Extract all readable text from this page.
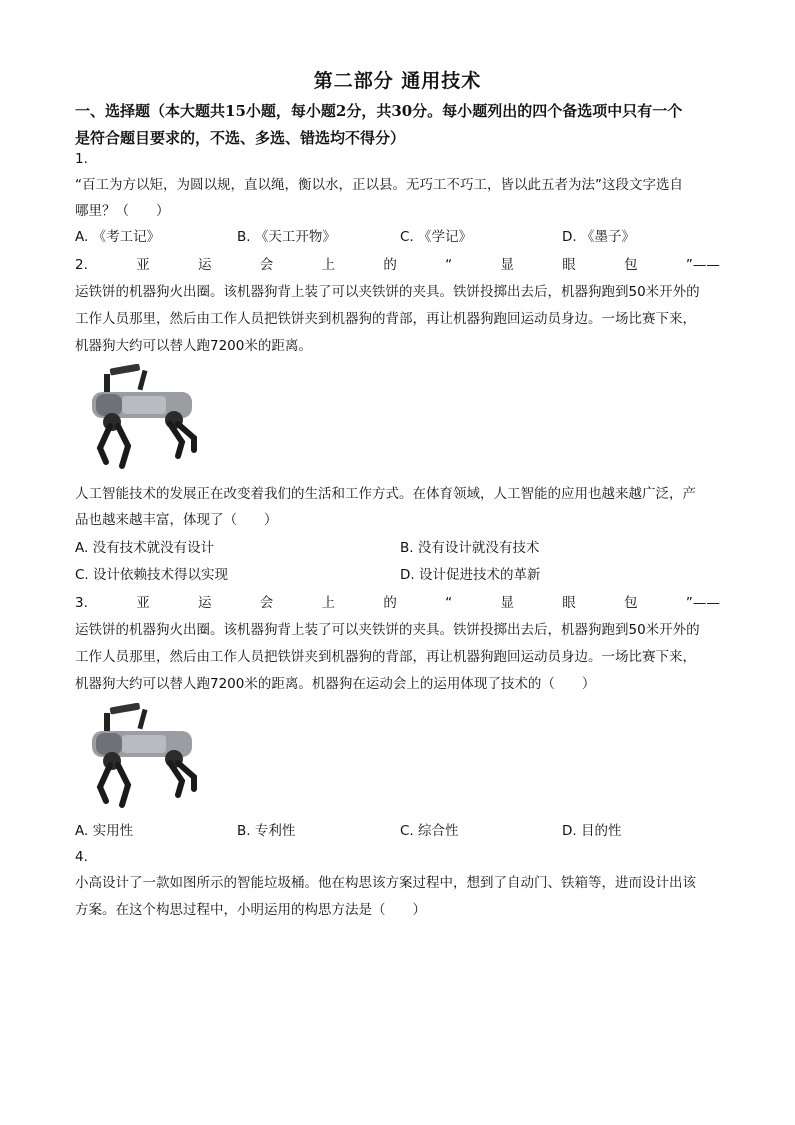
第二部分 通用技术
一、选择题（本大题共15小题，每小题2分，共30分。每小题列出的四个备选项中只有一个
是符合题目要求的，不选、多选、错选均不得分）
1.
“百工为方以矩，为圆以规，直以绳，衡以水，正以县。无巧工不巧工，皆以此五者为法”这段文字选自
哪里？（　　）
A. 《考工记》	B. 《天工开物》	C. 《学记》	D. 《墨子》
2.	亚	运	会	上	的	“	显	眼	包	”——
运铁饼的机器狗火出圈。该机器狗背上装了可以夹铁饼的夹具。铁饼投掷出去后，机器狗跑到50米开外的
工作人员那里，然后由工作人员把铁饼夹到机器狗的背部，再让机器狗跑回运动员身边。一场比赛下来，
机器狗大约可以替人跑7200米的距离。
人工智能技术的发展正在改变着我们的生活和工作方式。在体育领域，人工智能的应用也越来越广泛，产
品也越来越丰富，体现了（　　）
A. 没有技术就没有设计	B. 没有设计就没有技术
C. 设计依赖技术得以实现	D. 设计促进技术的革新
3.	亚	运	会	上	的	“	显	眼	包	”——
运铁饼的机器狗火出圈。该机器狗背上装了可以夹铁饼的夹具。铁饼投掷出去后，机器狗跑到50米开外的
工作人员那里，然后由工作人员把铁饼夹到机器狗的背部，再让机器狗跑回运动员身边。一场比赛下来，
机器狗大约可以替人跑7200米的距离。机器狗在运动会上的运用体现了技术的（　　）
A. 实用性	B. 专利性	C. 综合性	D. 目的性
4.
小高设计了一款如图所示的智能垃圾桶。他在构思该方案过程中，想到了自动门、铁箱等，进而设计出该
方案。在这个构思过程中，小明运用的构思方法是（　　）
